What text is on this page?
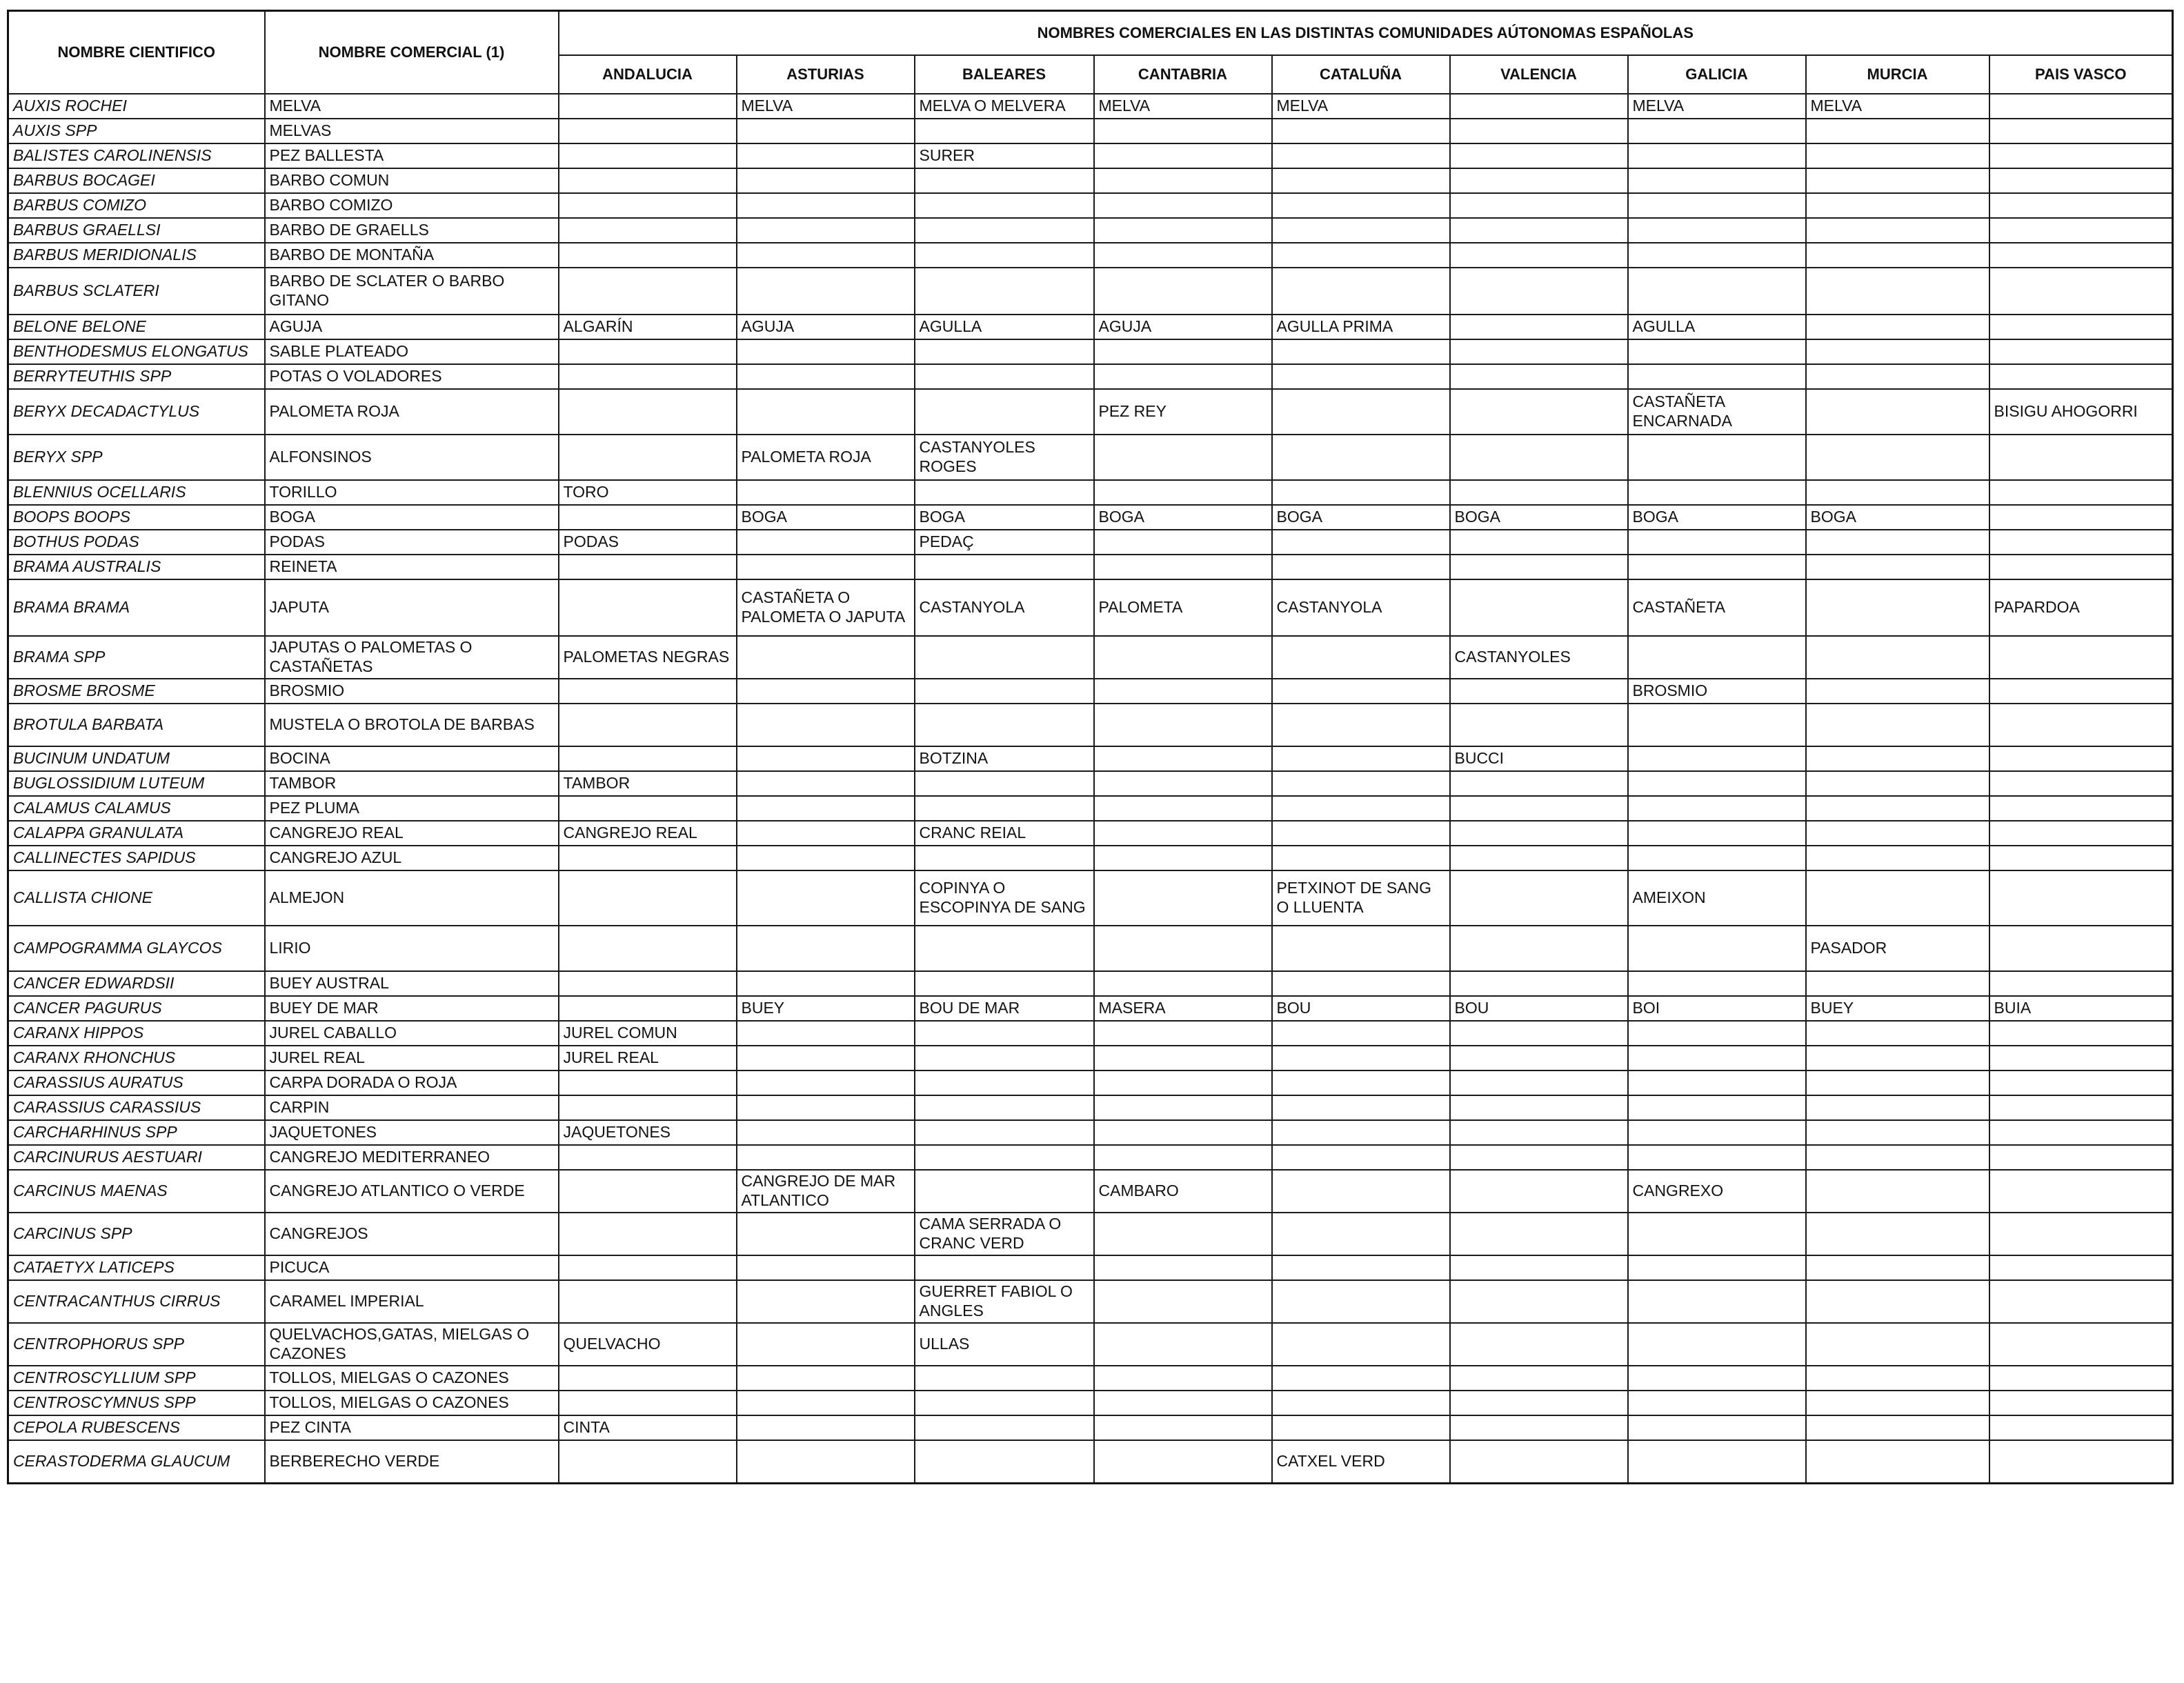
NOMBRE CIENTIFICO	NOMBRE COMERCIAL (1)	NOMBRES COMERCIALES EN LAS DISTINTAS COMUNIDADES AÚTONOMAS ESPAÑOLAS								
		ANDALUCIA	ASTURIAS	BALEARES	CANTABRIA	CATALUÑA	VALENCIA	GALICIA	MURCIA	PAIS VASCO
AUXIS ROCHEI	MELVA		MELVA	MELVA O MELVERA	MELVA	MELVA		MELVA	MELVA	
AUXIS SPP	MELVAS									
BALISTES CAROLINENSIS	PEZ BALLESTA			SURER						
BARBUS BOCAGEI	BARBO COMUN									
BARBUS COMIZO	BARBO COMIZO									
BARBUS GRAELLSI	BARBO DE GRAELLS									
BARBUS MERIDIONALIS	BARBO DE MONTAÑA									
BARBUS SCLATERI	BARBO DE SCLATER O BARBO GITANO									
BELONE BELONE	AGUJA	ALGARÍN	AGUJA	AGULLA	AGUJA	AGULLA PRIMA		AGULLA		
BENTHODESMUS ELONGATUS	SABLE PLATEADO									
BERRYTEUTHIS SPP	POTAS O VOLADORES									
BERYX DECADACTYLUS	PALOMETA ROJA				PEZ REY			CASTAÑETA ENCARNADA		BISIGU AHOGORRI
BERYX SPP	ALFONSINOS		PALOMETA ROJA	CASTANYOLES ROGES						
BLENNIUS OCELLARIS	TORILLO	TORO								
BOOPS BOOPS	BOGA		BOGA	BOGA	BOGA	BOGA	BOGA	BOGA	BOGA	
BOTHUS PODAS	PODAS	PODAS		PEDAÇ						
BRAMA AUSTRALIS	REINETA									
BRAMA BRAMA	JAPUTA		CASTAÑETA O PALOMETA O JAPUTA	CASTANYOLA	PALOMETA	CASTANYOLA		CASTAÑETA		PAPARDOA
BRAMA SPP	JAPUTAS O PALOMETAS O CASTAÑETAS	PALOMETAS NEGRAS					CASTANYOLES			
BROSME BROSME	BROSMIO							BROSMIO		
BROTULA BARBATA	MUSTELA O BROTOLA DE BARBAS									
BUCINUM UNDATUM	BOCINA			BOTZINA			BUCCI			
BUGLOSSIDIUM LUTEUM	TAMBOR	TAMBOR								
CALAMUS CALAMUS	PEZ PLUMA									
CALAPPA GRANULATA	CANGREJO REAL	CANGREJO REAL		CRANC REIAL						
CALLINECTES SAPIDUS	CANGREJO AZUL									
CALLISTA CHIONE	ALMEJON			COPINYA O ESCOPINYA DE SANG		PETXINOT DE SANG O LLUENTA		AMEIXON		
CAMPOGRAMMA GLAYCOS	LIRIO								PASADOR	
CANCER EDWARDSII	BUEY AUSTRAL									
CANCER PAGURUS	BUEY DE MAR		BUEY	BOU DE MAR	MASERA	BOU	BOU	BOI	BUEY	BUIA
CARANX HIPPOS	JUREL CABALLO	JUREL COMUN								
CARANX RHONCHUS	JUREL REAL	JUREL REAL								
CARASSIUS AURATUS	CARPA DORADA O ROJA									
CARASSIUS CARASSIUS	CARPIN									
CARCHARHINUS SPP	JAQUETONES	JAQUETONES								
CARCINURUS AESTUARI	CANGREJO MEDITERRANEO									
CARCINUS MAENAS	CANGREJO ATLANTICO O VERDE		CANGREJO DE MAR ATLANTICO		CAMBARO			CANGREXO		
CARCINUS SPP	CANGREJOS			CAMA SERRADA O CRANC VERD						
CATAETYX LATICEPS	PICUCA									
CENTRACANTHUS CIRRUS	CARAMEL IMPERIAL			GUERRET FABIOL O ANGLES						
CENTROPHORUS SPP	QUELVACHOS,GATAS, MIELGAS O CAZONES	QUELVACHO		ULLAS						
CENTROSCYLLIUM SPP	TOLLOS, MIELGAS O CAZONES									
CENTROSCYMNUS SPP	TOLLOS, MIELGAS O CAZONES									
CEPOLA RUBESCENS	PEZ CINTA	CINTA								
CERASTODERMA GLAUCUM	BERBERECHO VERDE					CATXEL VERD				
